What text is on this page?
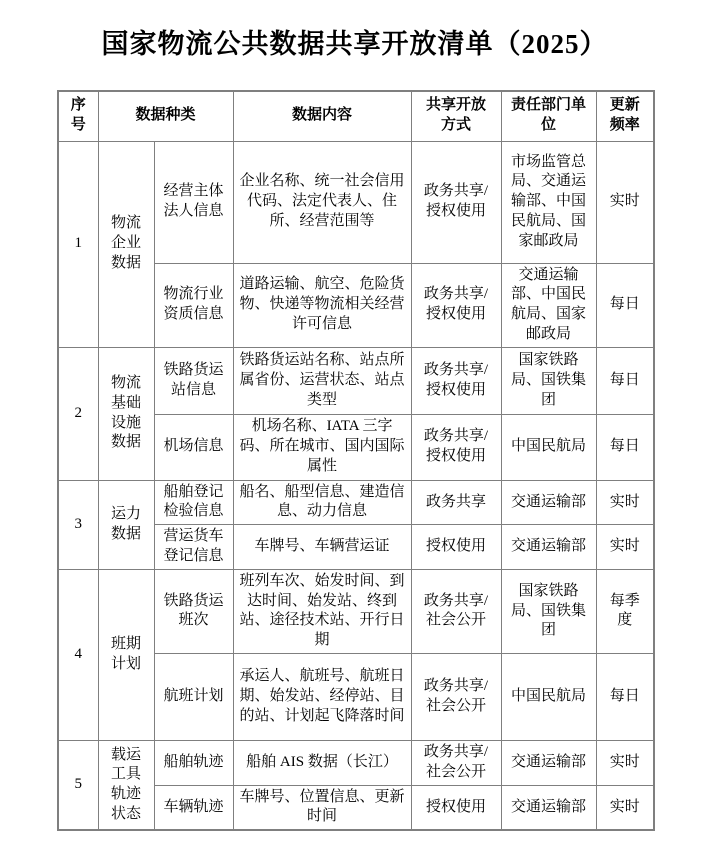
国家物流公共数据共享开放清单（2025）
序号	数据种类		数据内容	共享开放方式	责任部门单位	更新频率
1	物流企业数据	经营主体法人信息	企业名称、统一社会信用代码、法定代表人、住所、经营范围等	政务共享/授权使用	市场监管总局、交通运输部、中国民航局、国家邮政局	实时
		物流行业资质信息	道路运输、航空、危险货物、快递等物流相关经营许可信息	政务共享/授权使用	交通运输部、中国民航局、国家邮政局	每日
2	物流基础设施数据	铁路货运站信息	铁路货运站名称、站点所属省份、运营状态、站点类型	政务共享/授权使用	国家铁路局、国铁集团	每日
		机场信息	机场名称、IATA 三字码、所在城市、国内国际属性	政务共享/授权使用	中国民航局	每日
3	运力数据	船舶登记检验信息	船名、船型信息、建造信息、动力信息	政务共享	交通运输部	实时
		营运货车登记信息	车牌号、车辆营运证	授权使用	交通运输部	实时
4	班期计划	铁路货运班次	班列车次、始发时间、到达时间、始发站、终到站、途径技术站、开行日期	政务共享/社会公开	国家铁路局、国铁集团	每季度
		航班计划	承运人、航班号、航班日期、始发站、经停站、目的站、计划起飞降落时间	政务共享/社会公开	中国民航局	每日
5	载运工具轨迹状态	船舶轨迹	船舶 AIS 数据（长江）	政务共享/社会公开	交通运输部	实时
		车辆轨迹	车牌号、位置信息、更新时间	授权使用	交通运输部	实时
